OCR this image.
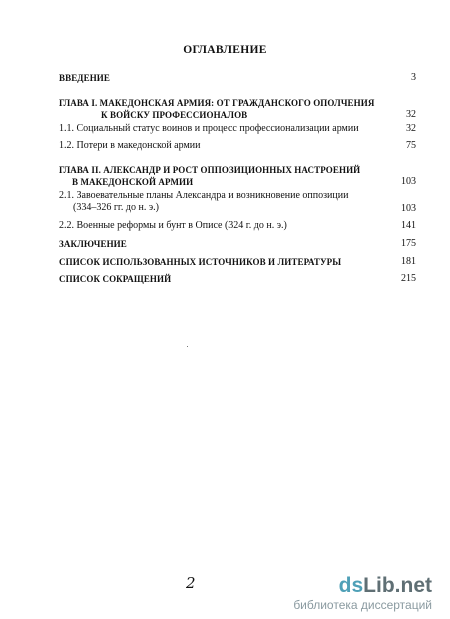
ОГЛАВЛЕНИЕ
ВВЕДЕНИЕ	3
ГЛАВА I. МАКЕДОНСКАЯ АРМИЯ: ОТ ГРАЖДАНСКОГО ОПОЛЧЕНИЯ
К ВОЙСКУ ПРОФЕССИОНАЛОВ	32
1.1. Социальный статус воинов и процесс профессионализации армии	32
1.2. Потери в македонской армии	75
ГЛАВА II. АЛЕКСАНДР И РОСТ ОППОЗИЦИОННЫХ НАСТРОЕНИЙ
В МАКЕДОНСКОЙ АРМИИ	103
2.1. Завоевательные планы Александра и возникновение оппозиции
(334–326 гг. до н. э.)	103
2.2. Военные реформы и бунт в Описе (324 г. до н. э.)	141
ЗАКЛЮЧЕНИЕ	175
СПИСОК ИСПОЛЬЗОВАННЫХ ИСТОЧНИКОВ И ЛИТЕРАТУРЫ	181
СПИСОК СОКРАЩЕНИЙ	215
2	dsLib.net
библиотека диссертаций
